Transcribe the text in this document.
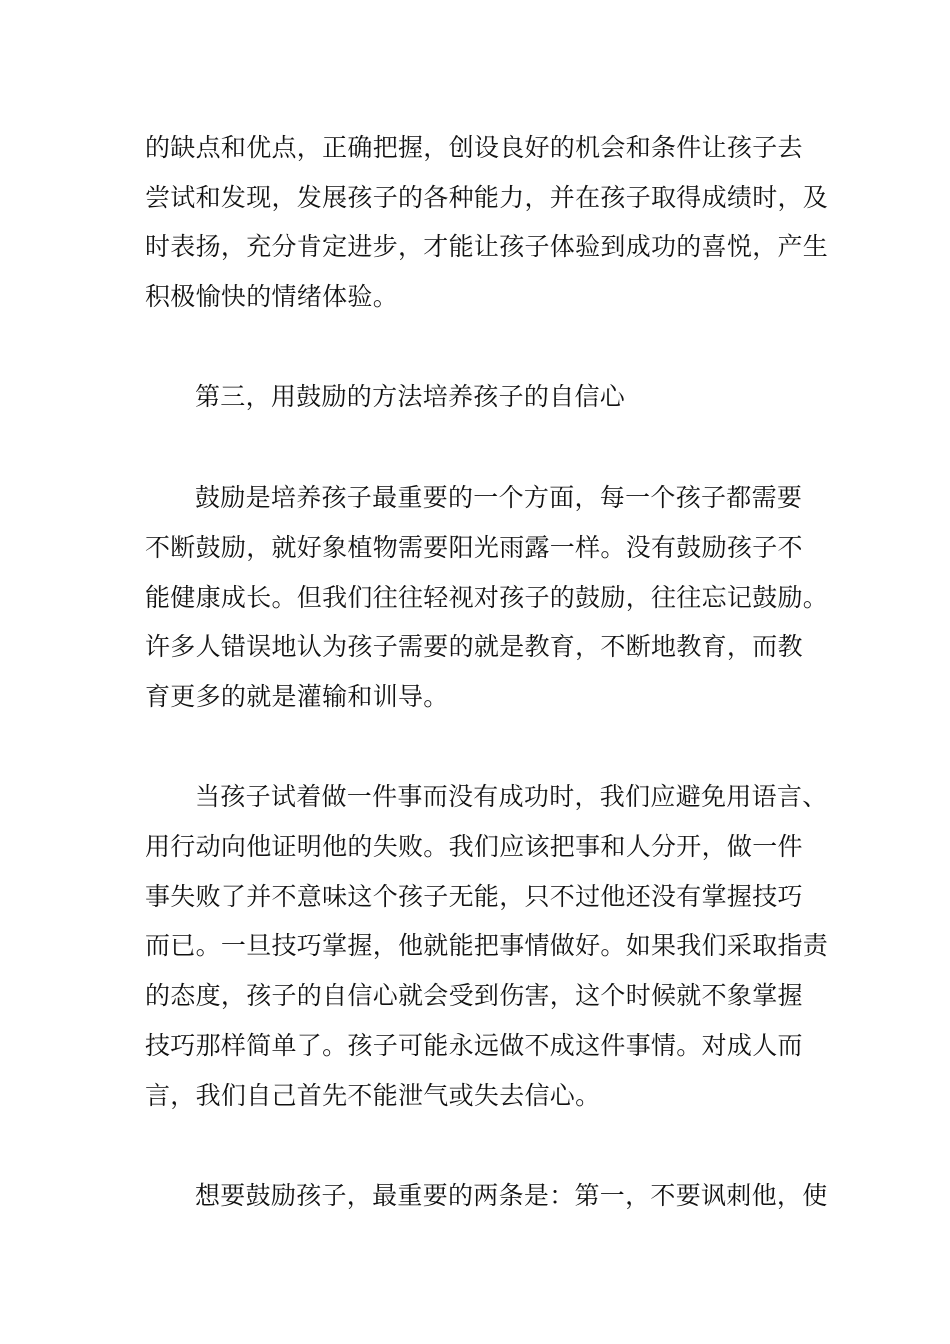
的缺点和优点，正确把握，创设良好的机会和条件让孩子去
尝试和发现，发展孩子的各种能力，并在孩子取得成绩时，及
时表扬，充分肯定进步，才能让孩子体验到成功的喜悦，产生
积极愉快的情绪体验。
第三，用鼓励的方法培养孩子的自信心
鼓励是培养孩子最重要的一个方面，每一个孩子都需要
不断鼓励，就好象植物需要阳光雨露一样。没有鼓励孩子不
能健康成长。但我们往往轻视对孩子的鼓励，往往忘记鼓励。
许多人错误地认为孩子需要的就是教育，不断地教育，而教
育更多的就是灌输和训导。
当孩子试着做一件事而没有成功时，我们应避免用语言、
用行动向他证明他的失败。我们应该把事和人分开，做一件
事失败了并不意味这个孩子无能，只不过他还没有掌握技巧
而已。一旦技巧掌握，他就能把事情做好。如果我们采取指责
的态度，孩子的自信心就会受到伤害，这个时候就不象掌握
技巧那样简单了。孩子可能永远做不成这件事情。对成人而
言，我们自己首先不能泄气或失去信心。
想要鼓励孩子，最重要的两条是：第一，不要讽刺他，使
